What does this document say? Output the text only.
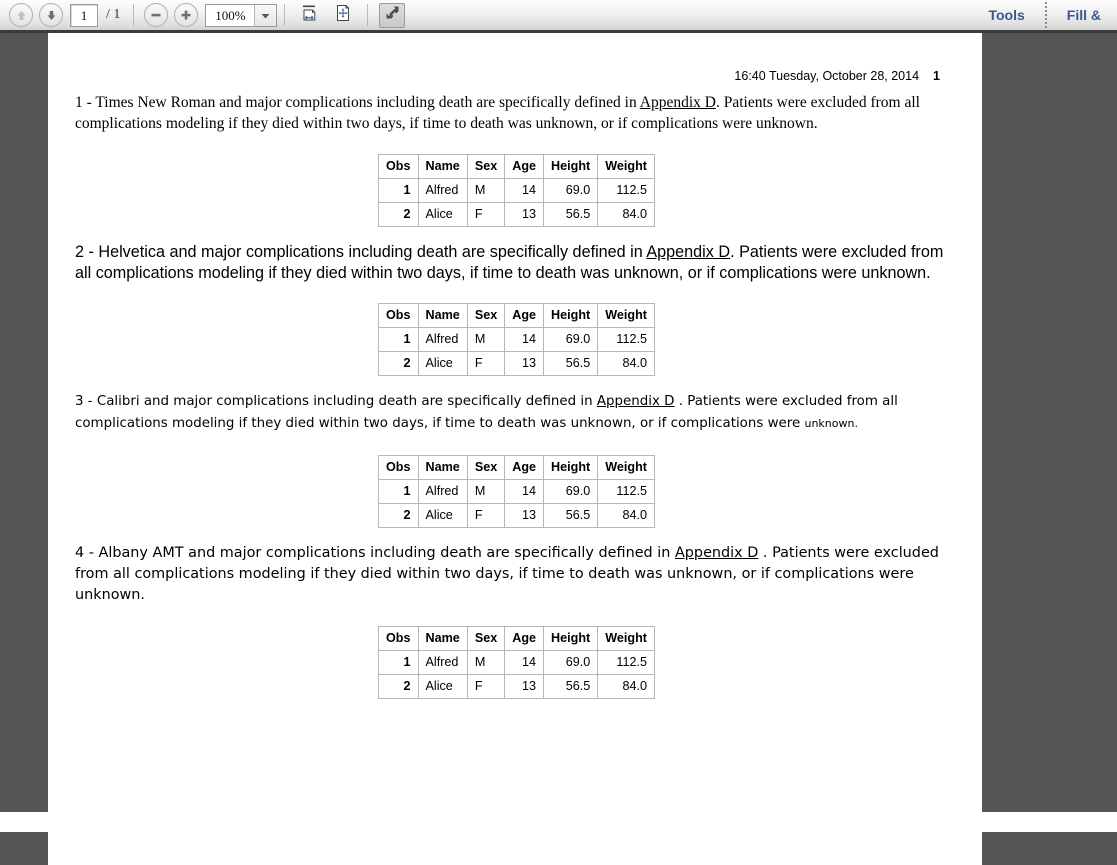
1	/ 1	100%	Tools	Fill &
16:40 Tuesday, October 28, 2014 1

1 - Times New Roman and major complications including death are specifically defined in Appendix D. Patients were excluded from all complications modeling if they died within two days, if time to death was unknown, or if complications were unknown.

Obs	Name	Sex	Age	Height	Weight
1	Alfred	M	14	69.0	112.5
2	Alice	F	13	56.5	84.0

2 - Helvetica and major complications including death are specifically defined in Appendix D. Patients were excluded from all complications modeling if they died within two days, if time to death was unknown, or if complications were unknown.

Obs	Name	Sex	Age	Height	Weight
1	Alfred	M	14	69.0	112.5
2	Alice	F	13	56.5	84.0

3 - Calibri and major complications including death are specifically defined in Appendix D . Patients were excluded from all complications modeling if they died within two days, if time to death was unknown, or if complications were unknown.

Obs	Name	Sex	Age	Height	Weight
1	Alfred	M	14	69.0	112.5
2	Alice	F	13	56.5	84.0

4 - Albany AMT and major complications including death are specifically defined in Appendix D . Patients were excluded from all complications modeling if they died within two days, if time to death was unknown, or if complications were unknown.

Obs	Name	Sex	Age	Height	Weight
1	Alfred	M	14	69.0	112.5
2	Alice	F	13	56.5	84.0
